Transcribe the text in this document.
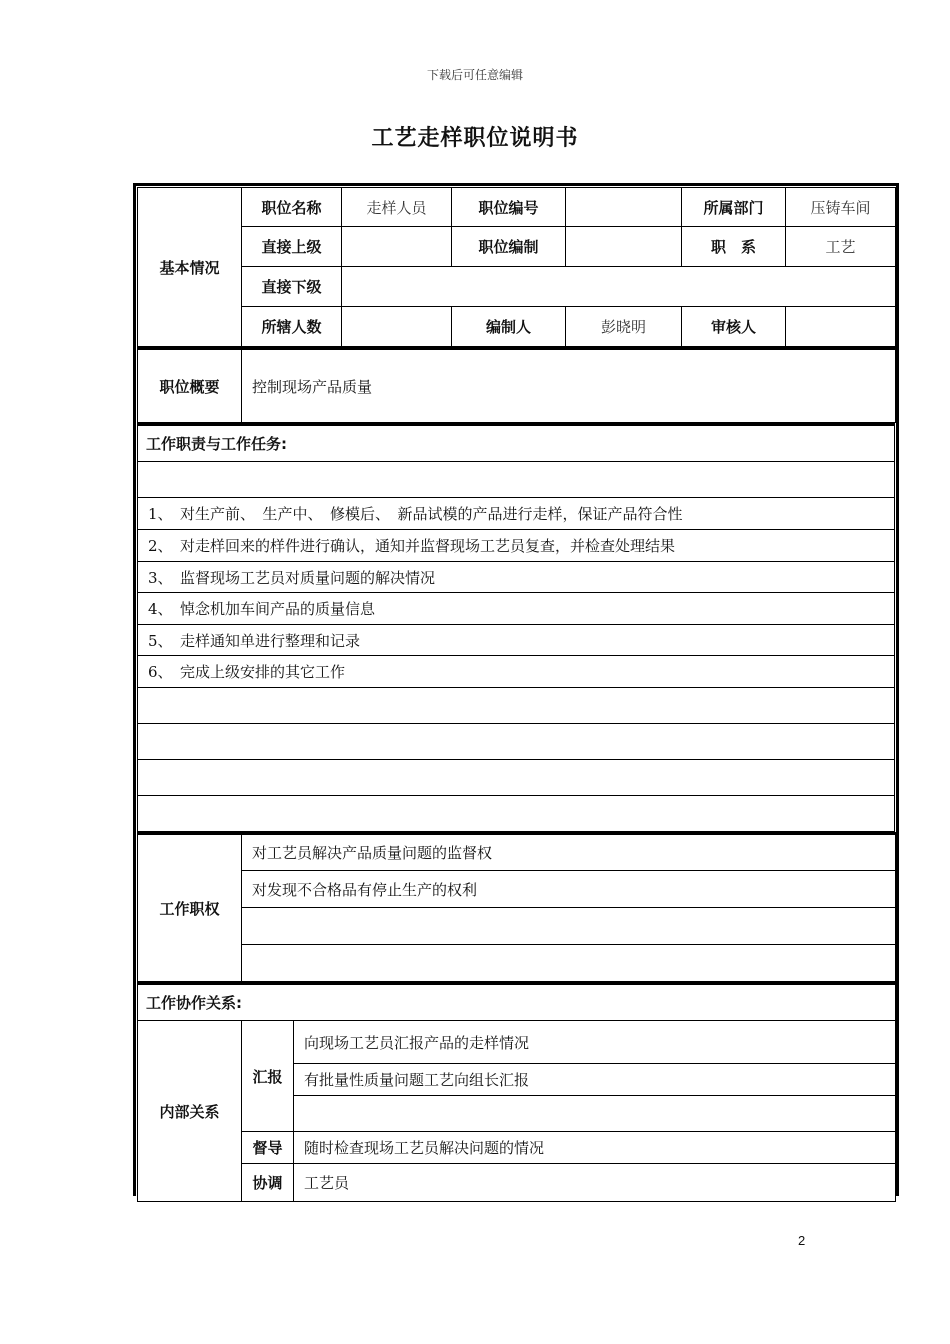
下载后可任意编辑
工艺走样职位说明书
基本情况	职位名称	走样人员	职位编号		所属部门	压铸车间
	直接上级		职位编制		职　系	工艺
	直接下级					
	所辖人数		编制人	彭晓明	审核人	
职位概要	控制现场产品质量
工作职责与工作任务:

1、　对生产前、　生产中、　修模后、　新品试模的产品进行走样，保证产品符合性
2、　对走样回来的样件进行确认，通知并监督现场工艺员复查，并检查处理结果
3、　监督现场工艺员对质量问题的解决情况
4、　悼念机加车间产品的质量信息
5、　走样通知单进行整理和记录
6、　完成上级安排的其它工作

工作职权	对工艺员解决产品质量问题的监督权
对发现不合格品有停止生产的权利

工作协作关系:		
内部关系	汇报	向现场工艺员汇报产品的走样情况
		有批量性质量问题工艺向组长汇报

	督导	随时检查现场工艺员解决问题的情况
	协调	工艺员
2
